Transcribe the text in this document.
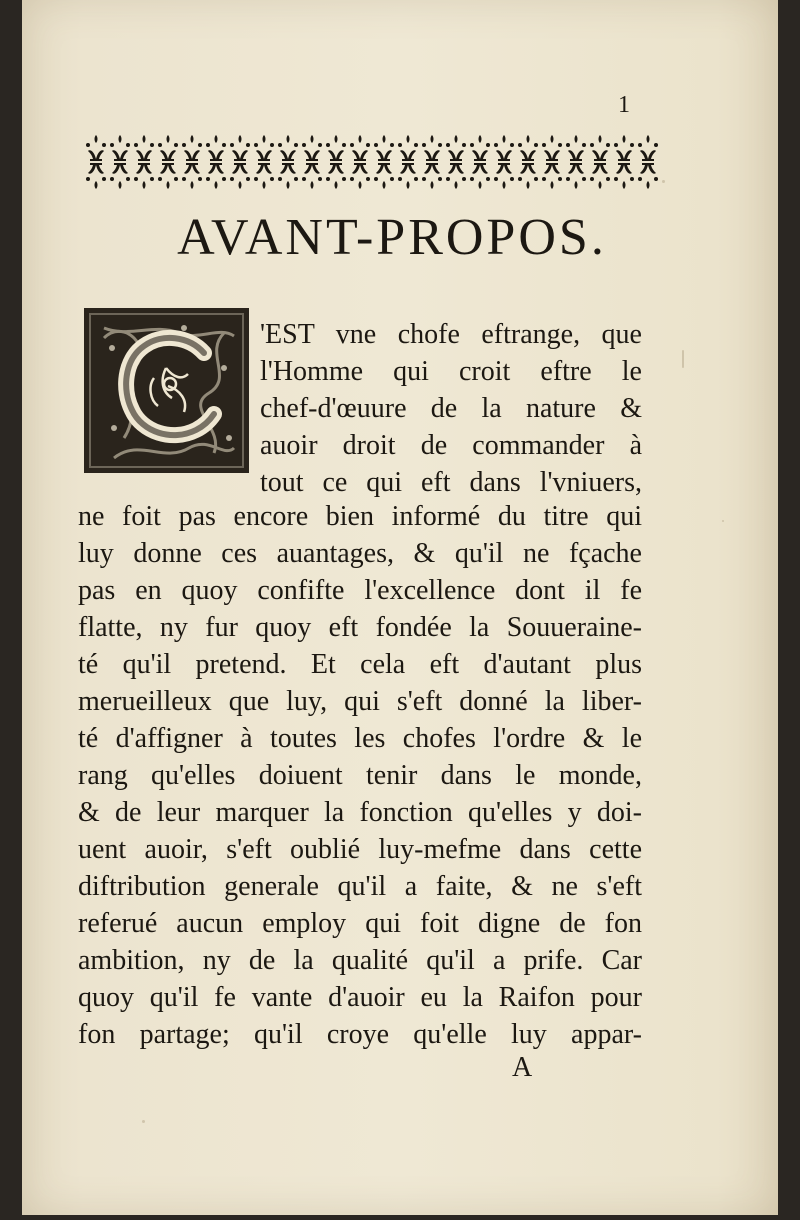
1
AVANT-PROPOS.
'EST vne chofe eftrange, que
l'Homme qui croit eftre le
chef-d'œuure de la nature &
auoir droit de commander à
tout ce qui eft dans l'vniuers,
ne foit pas encore bien informé du titre qui
luy donne ces auantages, & qu'il ne fçache
pas en quoy confifte l'excellence dont il fe
flatte, ny fur quoy eft fondée la Souueraine-
té qu'il pretend. Et cela eft d'autant plus
merueilleux que luy, qui s'eft donné la liber-
té d'affigner à toutes les chofes l'ordre & le
rang qu'elles doiuent tenir dans le monde,
& de leur marquer la fonction qu'elles y doi-
uent auoir, s'eft oublié luy-mefme dans cette
diftribution generale qu'il a faite, & ne s'eft
referué aucun employ qui foit digne de fon
ambition, ny de la qualité qu'il a prife. Car
quoy qu'il fe vante d'auoir eu la Raifon pour
fon partage; qu'il croye qu'elle luy appar-
A
